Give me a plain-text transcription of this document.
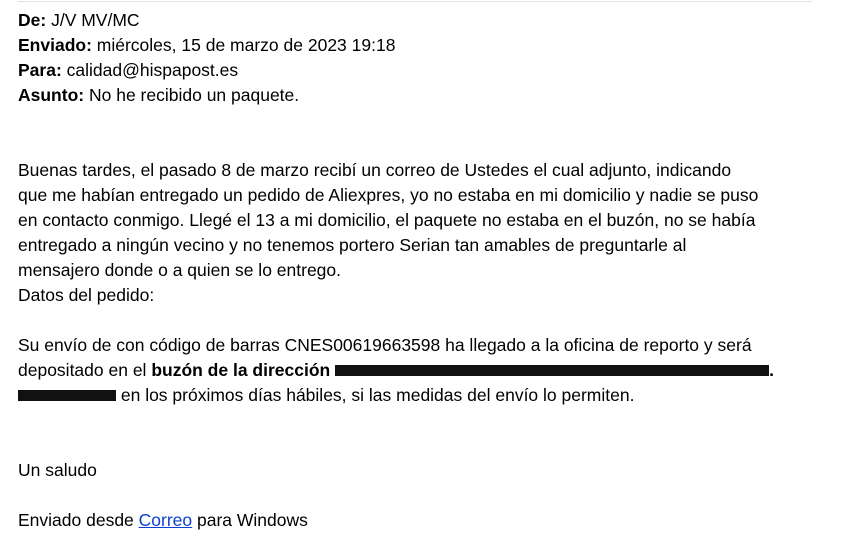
De: J/V MV/MC
Enviado: miércoles, 15 de marzo de 2023 19:18
Para: calidad@hispapost.es
Asunto: No he recibido un paquete.
Buenas tardes, el pasado 8 de marzo recibí un correo de Ustedes el cual adjunto, indicando
que me habían entregado un pedido de Aliexpres, yo no estaba en mi domicilio y nadie se puso
en contacto conmigo. Llegé el 13 a mi domicilio, el paquete no estaba en el buzón, no se había
entregado a ningún vecino y no tenemos portero Serian tan amables de preguntarle al
mensajero donde o a quien se lo entrego.
Datos del pedido:
Su envío de con código de barras CNES00619663598 ha llegado a la oficina de reporto y será
depositado en el buzón de la dirección	.
en los próximos días hábiles, si las medidas del envío lo permiten.
Un saludo
Enviado desde Correo para Windows
